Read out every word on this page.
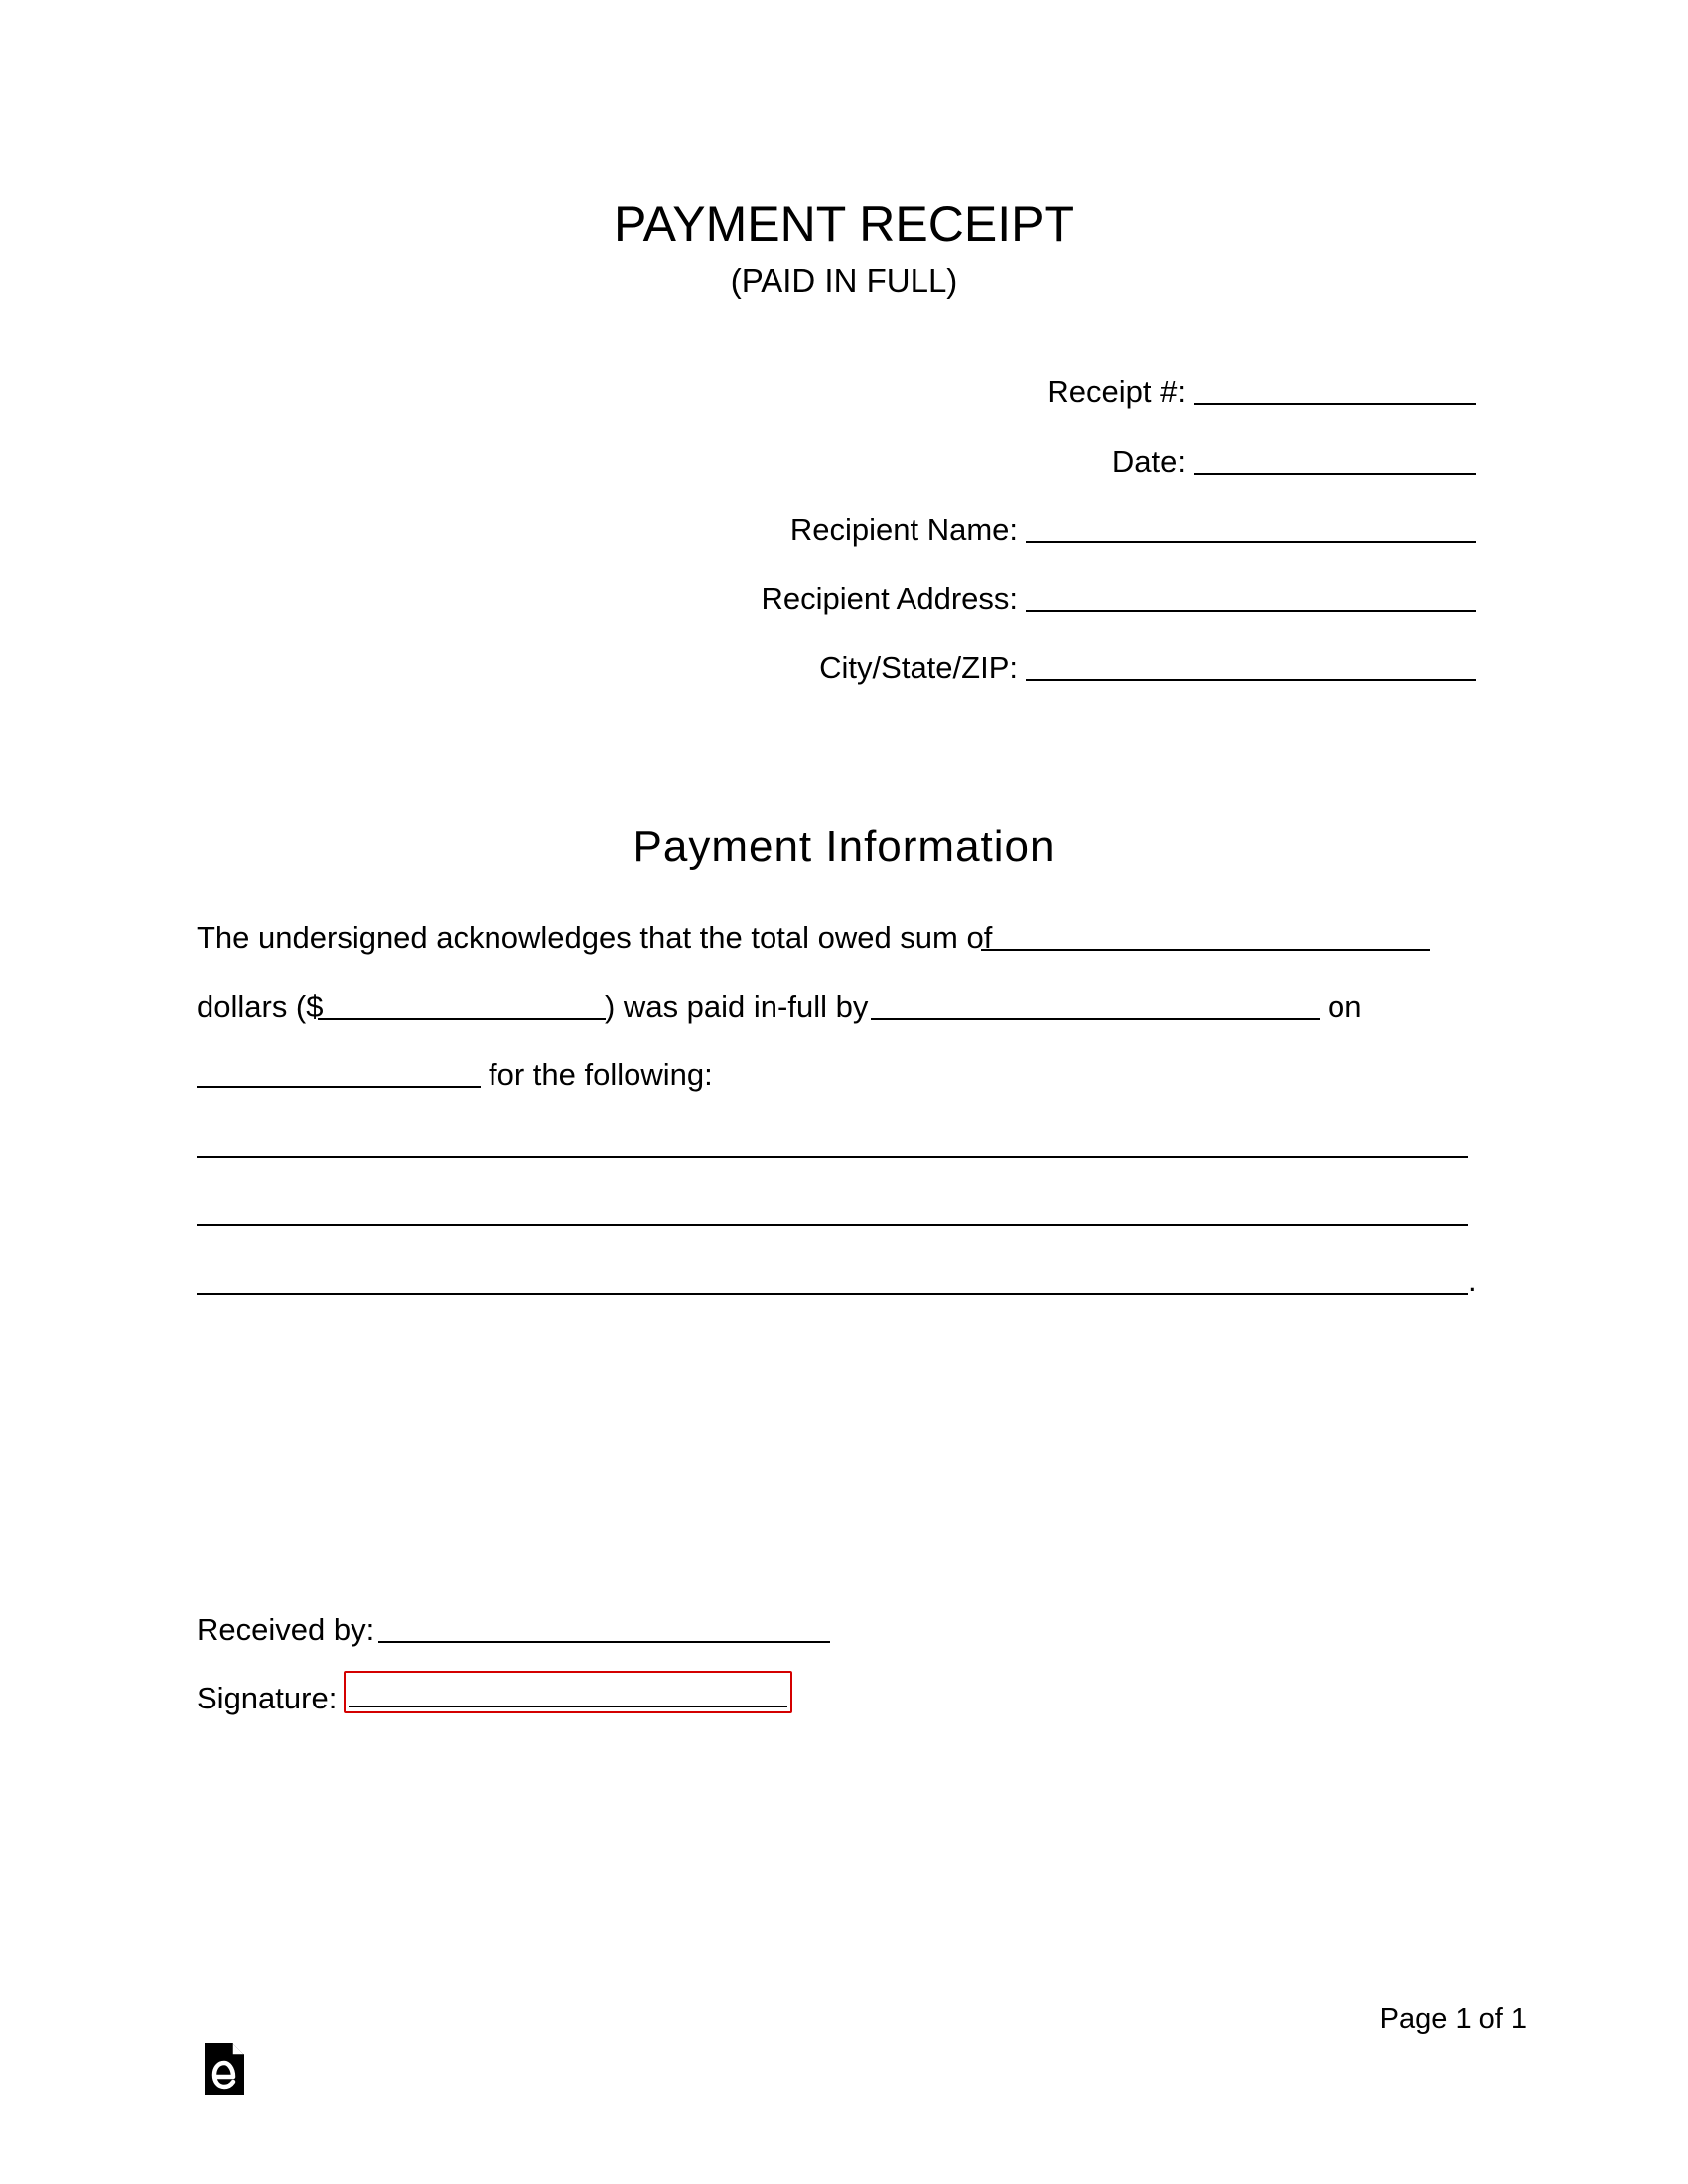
PAYMENT RECEIPT
(PAID IN FULL)
Receipt #:
Date:
Recipient Name:
Recipient Address:
City/State/ZIP:
Payment Information
The undersigned acknowledges that the total owed sum of
dollars ($	) was paid in-full by	on
for the following:
.
Received by:
Signature:
Page 1 of 1
